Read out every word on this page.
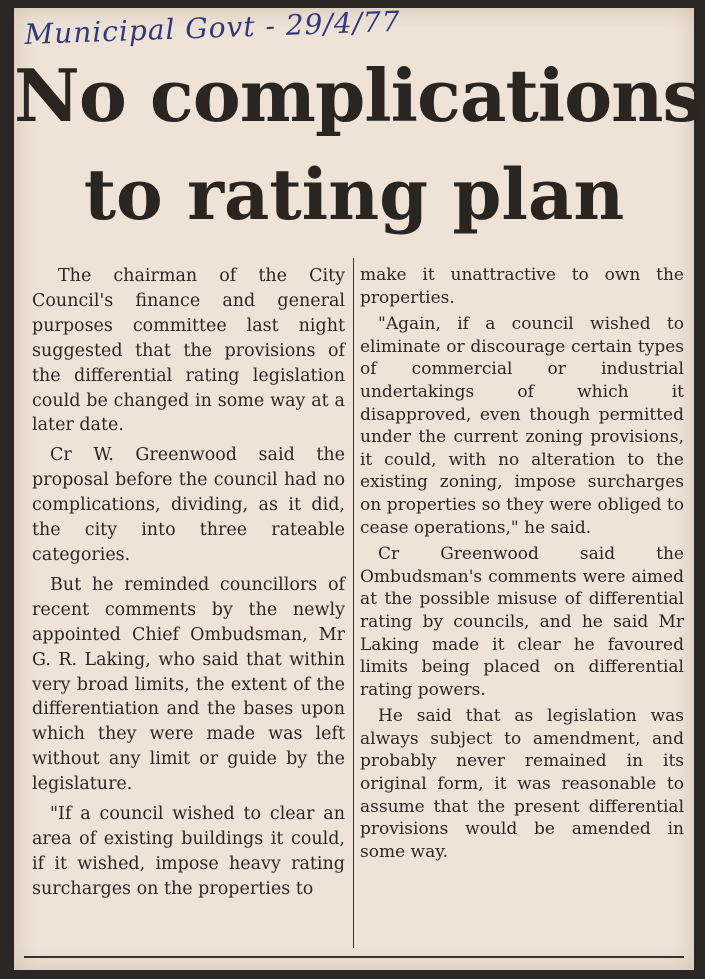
Municipal Govt - 29/4/77
No complications
to rating plan

The chairman of the City Council's finance and general purposes committee last night suggested that the provisions of the differential rating legislation could be changed in some way at a later date.

Cr W. Greenwood said the proposal before the council had no complications, dividing, as it did, the city into three rateable categories.

But he reminded councillors of recent comments by the newly appointed Chief Ombudsman, Mr G. R. Laking, who said that within very broad limits, the extent of the differentiation and the bases upon which they were made was left without any limit or guide by the legislature.

"If a council wished to clear an area of existing buildings it could, if it wished, impose heavy rating surcharges on the properties to

make it unattractive to own the properties.

"Again, if a council wished to eliminate or discourage certain types of commercial or industrial undertakings of which it disapproved, even though permitted under the current zoning provisions, it could, with no alteration to the existing zoning, impose surcharges on properties so they were obliged to cease operations," he said.

Cr Greenwood said the Ombudsman's comments were aimed at the possible misuse of differential rating by councils, and he said Mr Laking made it clear he favoured limits being placed on differential rating powers.

He said that as legislation was always subject to amendment, and probably never remained in its original form, it was reasonable to assume that the present differential provisions would be amended in some way.
